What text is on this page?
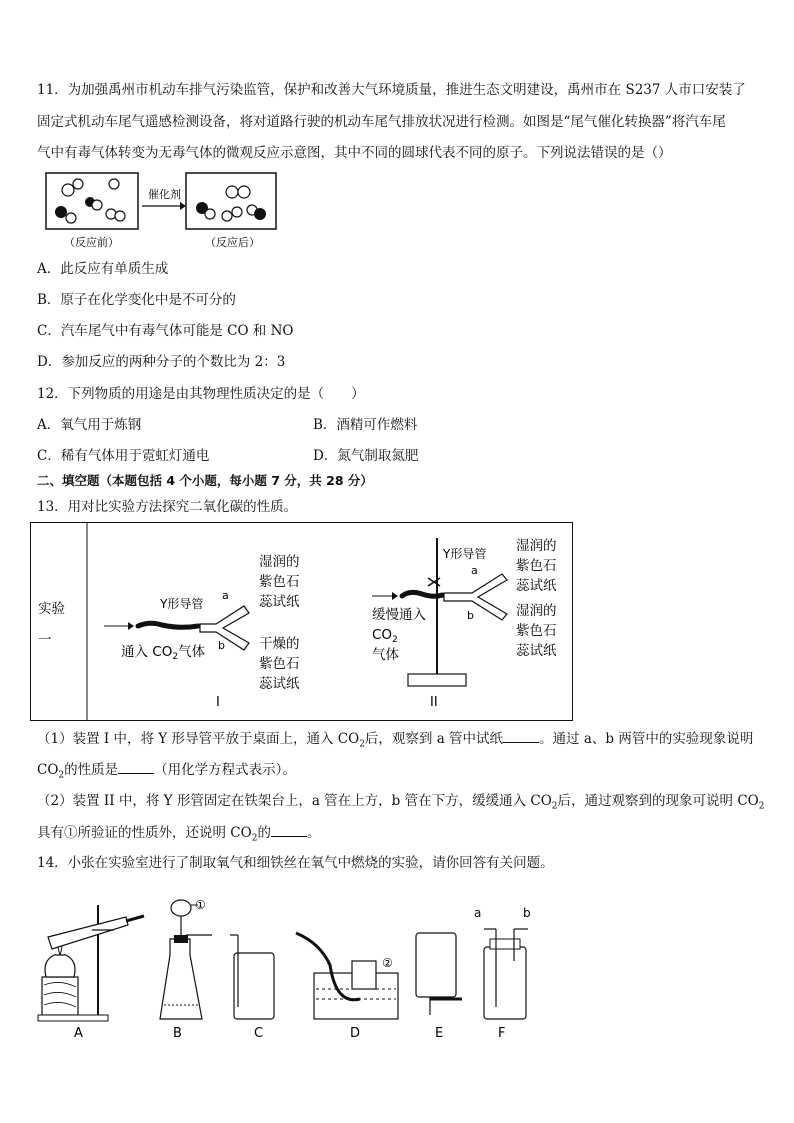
11．为加强禹州市机动车排气污染监管，保护和改善大气环境质量，推进生态文明建设，禹州市在 S237 人市口安装了
固定式机动车尾气遥感检测设备，将对道路行驶的机动车尾气排放状况进行检测。如图是“尾气催化转换器”将汽车尾
气中有毒气体转变为无毒气体的微观反应示意图，其中不同的圆球代表不同的原子。下列说法错误的是（）
催化剂
（反应前）	（反应后）
A．此反应有单质生成
B．原子在化学变化中是不可分的
C．汽车尾气中有毒气体可能是 CO 和 NO
D．参加反应的两种分子的个数比为 2：3
12．下列物质的用途是由其物理性质决定的是（　　）
A．氧气用于炼钢	B．酒精可作燃料
C．稀有气体用于霓虹灯通电	D．氮气制取氮肥
二、填空题（本题包括 4 个小题，每小题 7 分，共 28 分）
13．用对比实验方法探究二氧化碳的性质。
实验
一
Y形导管
a
b
湿润的
紫色石
蕊试纸
干燥的
紫色石
蕊试纸
通入 $CO_2$气体
I
Y形导管
a
b
缓慢通入
$CO_2$
气体
湿润的
紫色石
蕊试纸
湿润的
紫色石
蕊试纸
II
（1）装置 I 中，将 Y 形导管平放于桌面上，通入 $CO_2$后，观察到 a 管中试纸	。通过 a、b 两管中的实验现象说明
$CO_2$的性质是	（用化学方程式表示）。
（2）装置 II 中，将 Y 形管固定在铁架台上，a 管在上方，b 管在下方，缓缓通入 $CO_2$后，通过观察到的现象可说明 $CO_2$
具有①所验证的性质外，还说明 $CO_2$的	。
14．小张在实验室进行了制取氧气和细铁丝在氧气中燃烧的实验，请你回答有关问题。
A
①
B	C
②
D	E
a	b
F
